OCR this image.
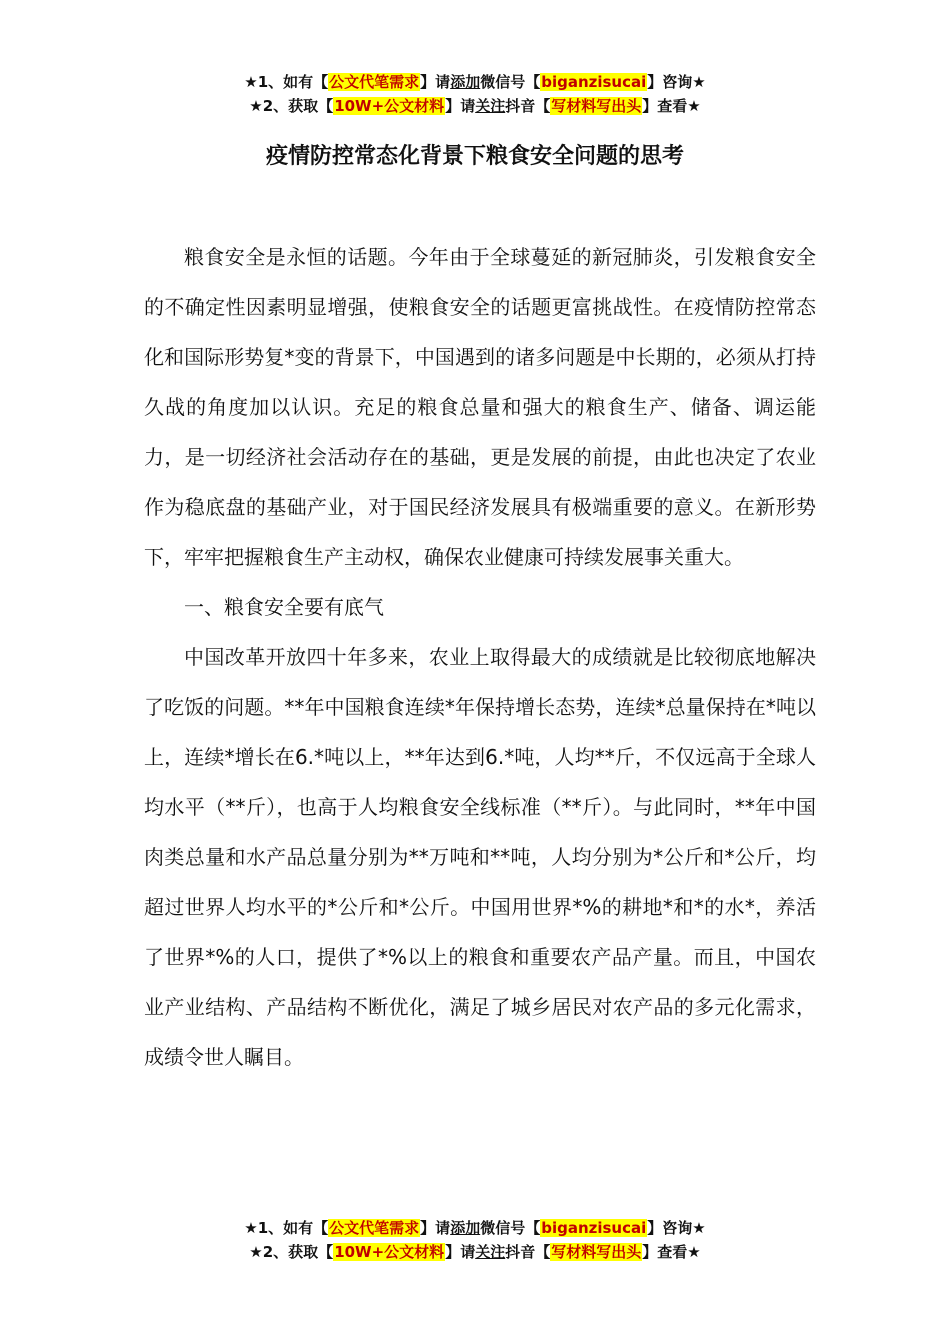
★1、如有【公文代笔需求】请添加微信号【biganzisucai】咨询★
★2、获取【10W+公文材料】请关注抖音【写材料写出头】查看★
疫情防控常态化背景下粮食安全问题的思考

粮食安全是永恒的话题。今年由于全球蔓延的新冠肺炎，引发粮食安全的不确定性因素明显增强，使粮食安全的话题更富挑战性。在疫情防控常态化和国际形势复*变的背景下，中国遇到的诸多问题是中长期的，必须从打持久战的角度加以认识。充足的粮食总量和强大的粮食生产、储备、调运能力，是一切经济社会活动存在的基础，更是发展的前提，由此也决定了农业作为稳底盘的基础产业，对于国民经济发展具有极端重要的意义。在新形势下，牢牢把握粮食生产主动权，确保农业健康可持续发展事关重大。

一、粮食安全要有底气

中国改革开放四十年多来，农业上取得最大的成绩就是比较彻底地解决了吃饭的问题。**年中国粮食连续*年保持增长态势，连续*总量保持在*吨以上，连续*增长在6.*吨以上，**年达到6.*吨，人均**斤，不仅远高于全球人均水平（**斤），也高于人均粮食安全线标准（**斤）。与此同时，**年中国肉类总量和水产品总量分别为**万吨和**吨，人均分别为*公斤和*公斤，均超过世界人均水平的*公斤和*公斤。中国用世界*%的耕地*和*的水*，养活了世界*%的人口，提供了*%以上的粮食和重要农产品产量。而且，中国农业产业结构、产品结构不断优化，满足了城乡居民对农产品的多元化需求，成绩令世人瞩目。

★1、如有【公文代笔需求】请添加微信号【biganzisucai】咨询★
★2、获取【10W+公文材料】请关注抖音【写材料写出头】查看★
